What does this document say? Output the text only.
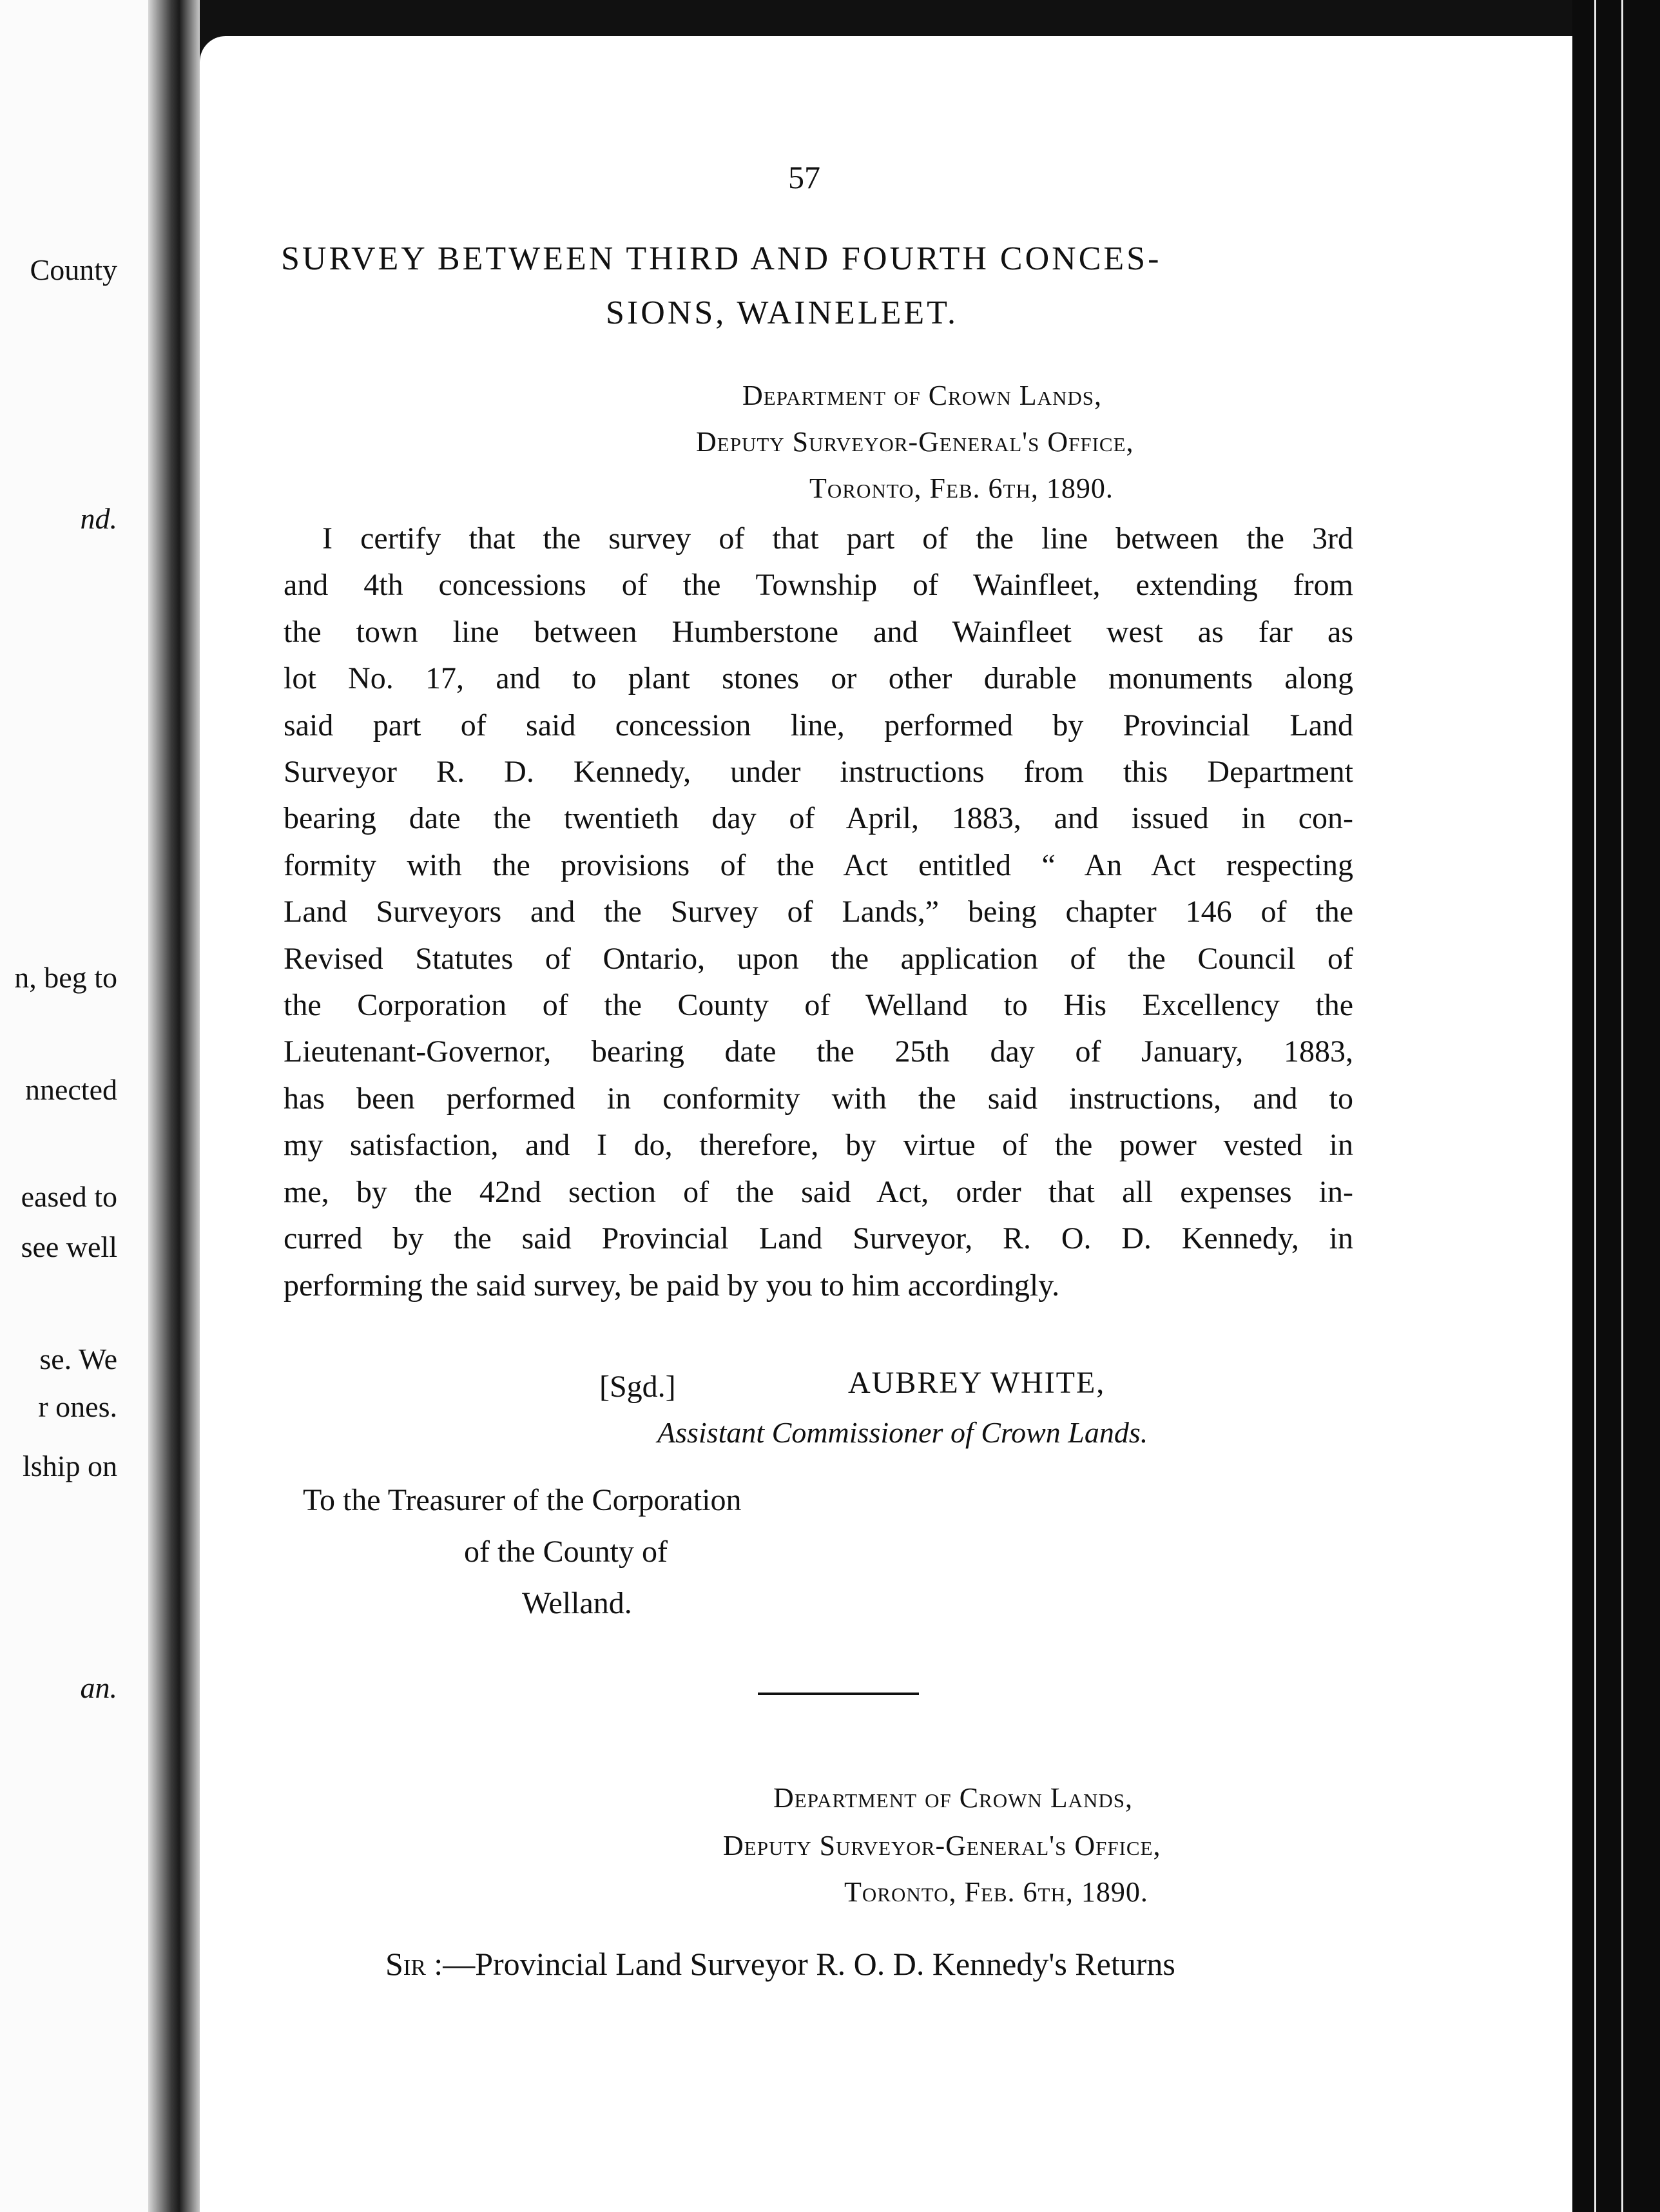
County
nd.
n, beg to
nnected
eased to
see well
se. We
r ones.
lship on
an.
57
SURVEY BETWEEN THIRD AND FOURTH CONCES-
SIONS, WAINELEET.
Department of Crown Lands,
Deputy Surveyor-General's Office,
Toronto, Feb. 6th, 1890.
I certify that the survey of that part of the line between the 3rd
and 4th concessions of the Township of Wainfleet, extending from
the town line between Humberstone and Wainfleet west as far as
lot No. 17, and to plant stones or other durable monuments along
said part of said concession line, performed by Provincial Land
Surveyor R. D. Kennedy, under instructions from this Department
bearing date the twentieth day of April, 1883, and issued in con-
formity with the provisions of the Act entitled “ An Act respecting
Land Surveyors and the Survey of Lands,” being chapter 146 of the
Revised Statutes of Ontario, upon the application of the Council of
the Corporation of the County of Welland to His Excellency the
Lieutenant-Governor, bearing date the 25th day of January, 1883,
has been performed in conformity with the said instructions, and to
my satisfaction, and I do, therefore, by virtue of the power vested in
me, by the 42nd section of the said Act, order that all expenses in-
curred by the said Provincial Land Surveyor, R. O. D. Kennedy, in
performing the said survey, be paid by you to him accordingly.
[Sgd.]	AUBREY WHITE,
Assistant Commissioner of Crown Lands.
To the Treasurer of the Corporation
of the County of
Welland.
Department of Crown Lands,
Deputy Surveyor-General's Office,
Toronto, Feb. 6th, 1890.
Sir :—Provincial Land Surveyor R. O. D. Kennedy's Returns
